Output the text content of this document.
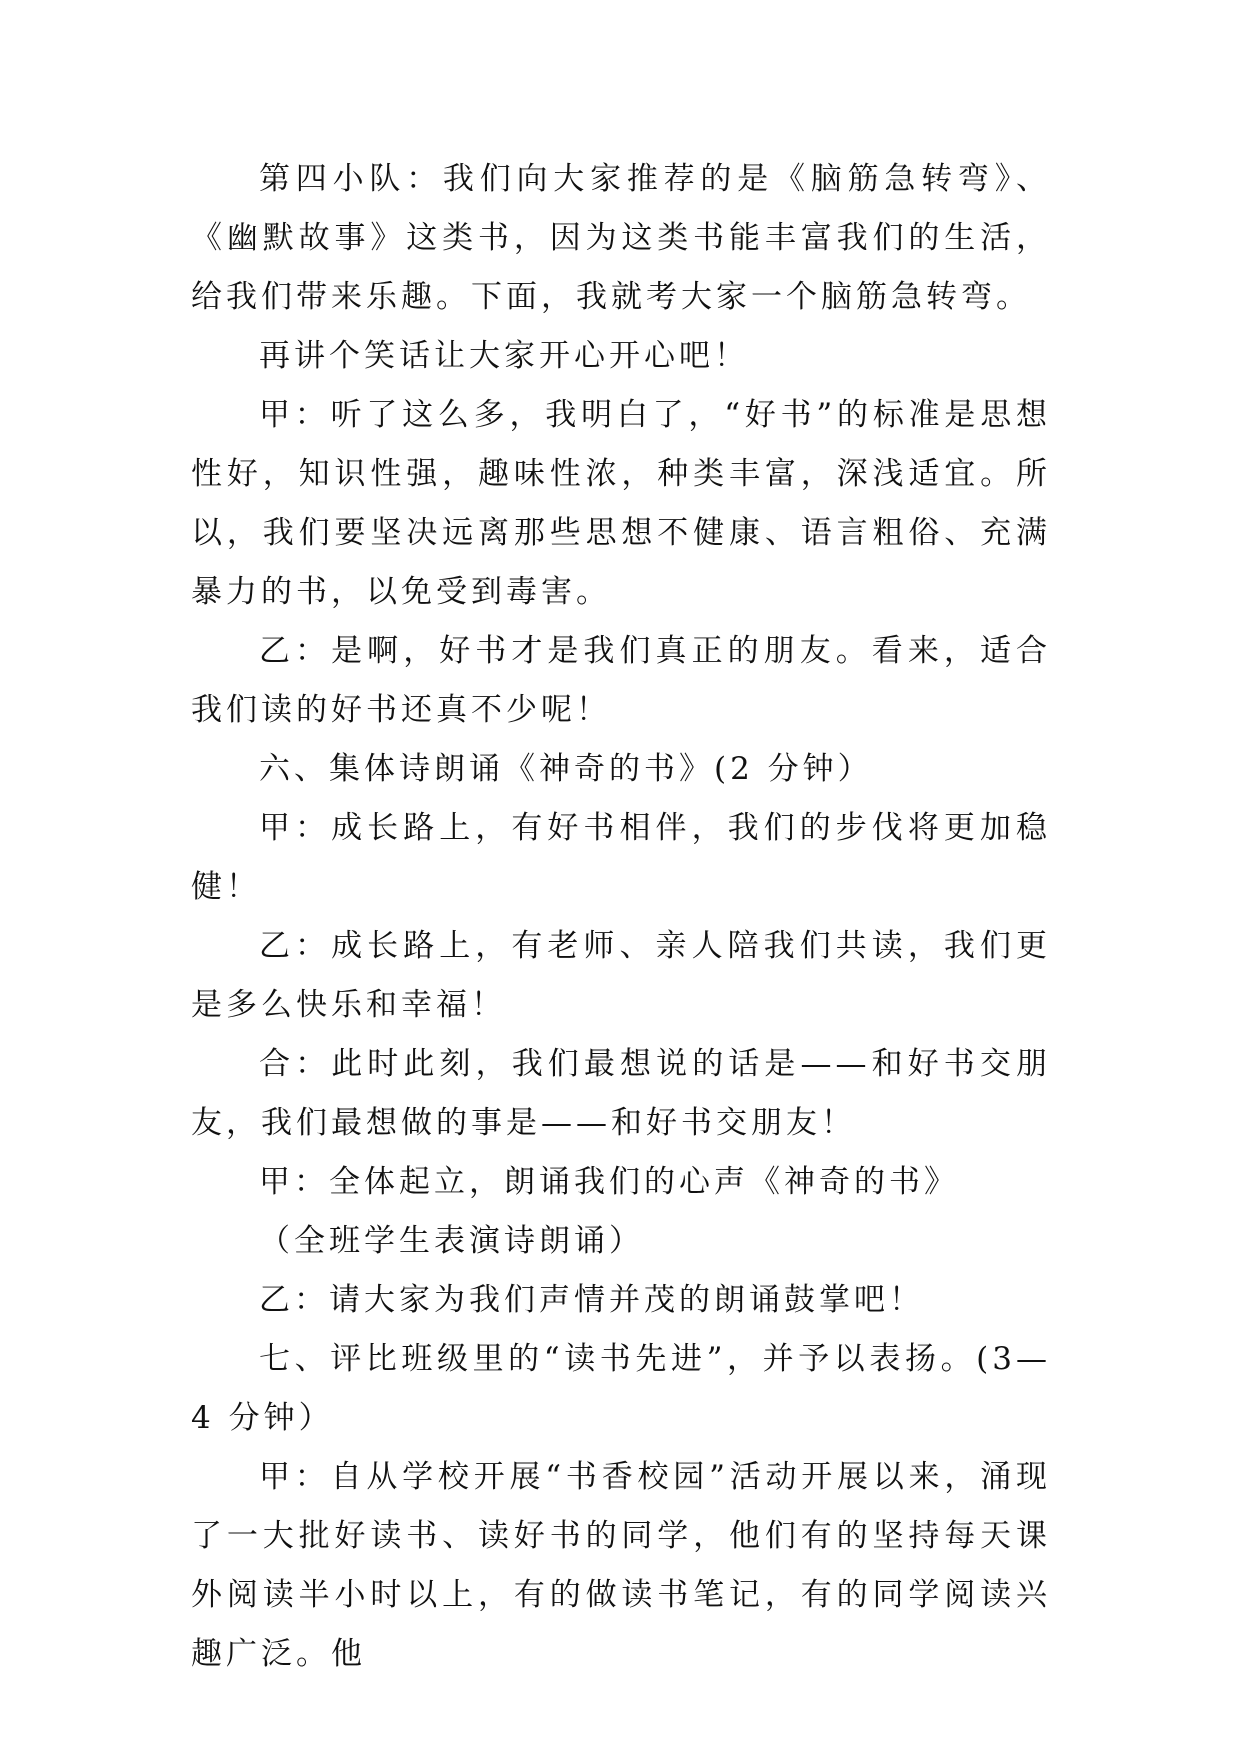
第四小队：我们向大家推荐的是《脑筋急转弯》、《幽默故事》这类书，因为这类书能丰富我们的生活，给我们带来乐趣。下面，我就考大家一个脑筋急转弯。

再讲个笑话让大家开心开心吧！

甲：听了这么多，我明白了，“好书”的标准是思想性好，知识性强，趣味性浓，种类丰富，深浅适宜。所以，我们要坚决远离那些思想不健康、语言粗俗、充满暴力的书，以免受到毒害。

乙：是啊，好书才是我们真正的朋友。看来，适合我们读的好书还真不少呢！

六、集体诗朗诵《神奇的书》(2 分钟）

甲：成长路上，有好书相伴，我们的步伐将更加稳健！

乙：成长路上，有老师、亲人陪我们共读，我们更是多么快乐和幸福！

合：此时此刻，我们最想说的话是——和好书交朋友，我们最想做的事是——和好书交朋友！

甲：全体起立，朗诵我们的心声《神奇的书》

（全班学生表演诗朗诵）

乙：请大家为我们声情并茂的朗诵鼓掌吧！

七、评比班级里的“读书先进”，并予以表扬。(3—4 分钟）

甲：自从学校开展“书香校园”活动开展以来，涌现了一大批好读书、读好书的同学，他们有的坚持每天课外阅读半小时以上，有的做读书笔记，有的同学阅读兴趣广泛。他
